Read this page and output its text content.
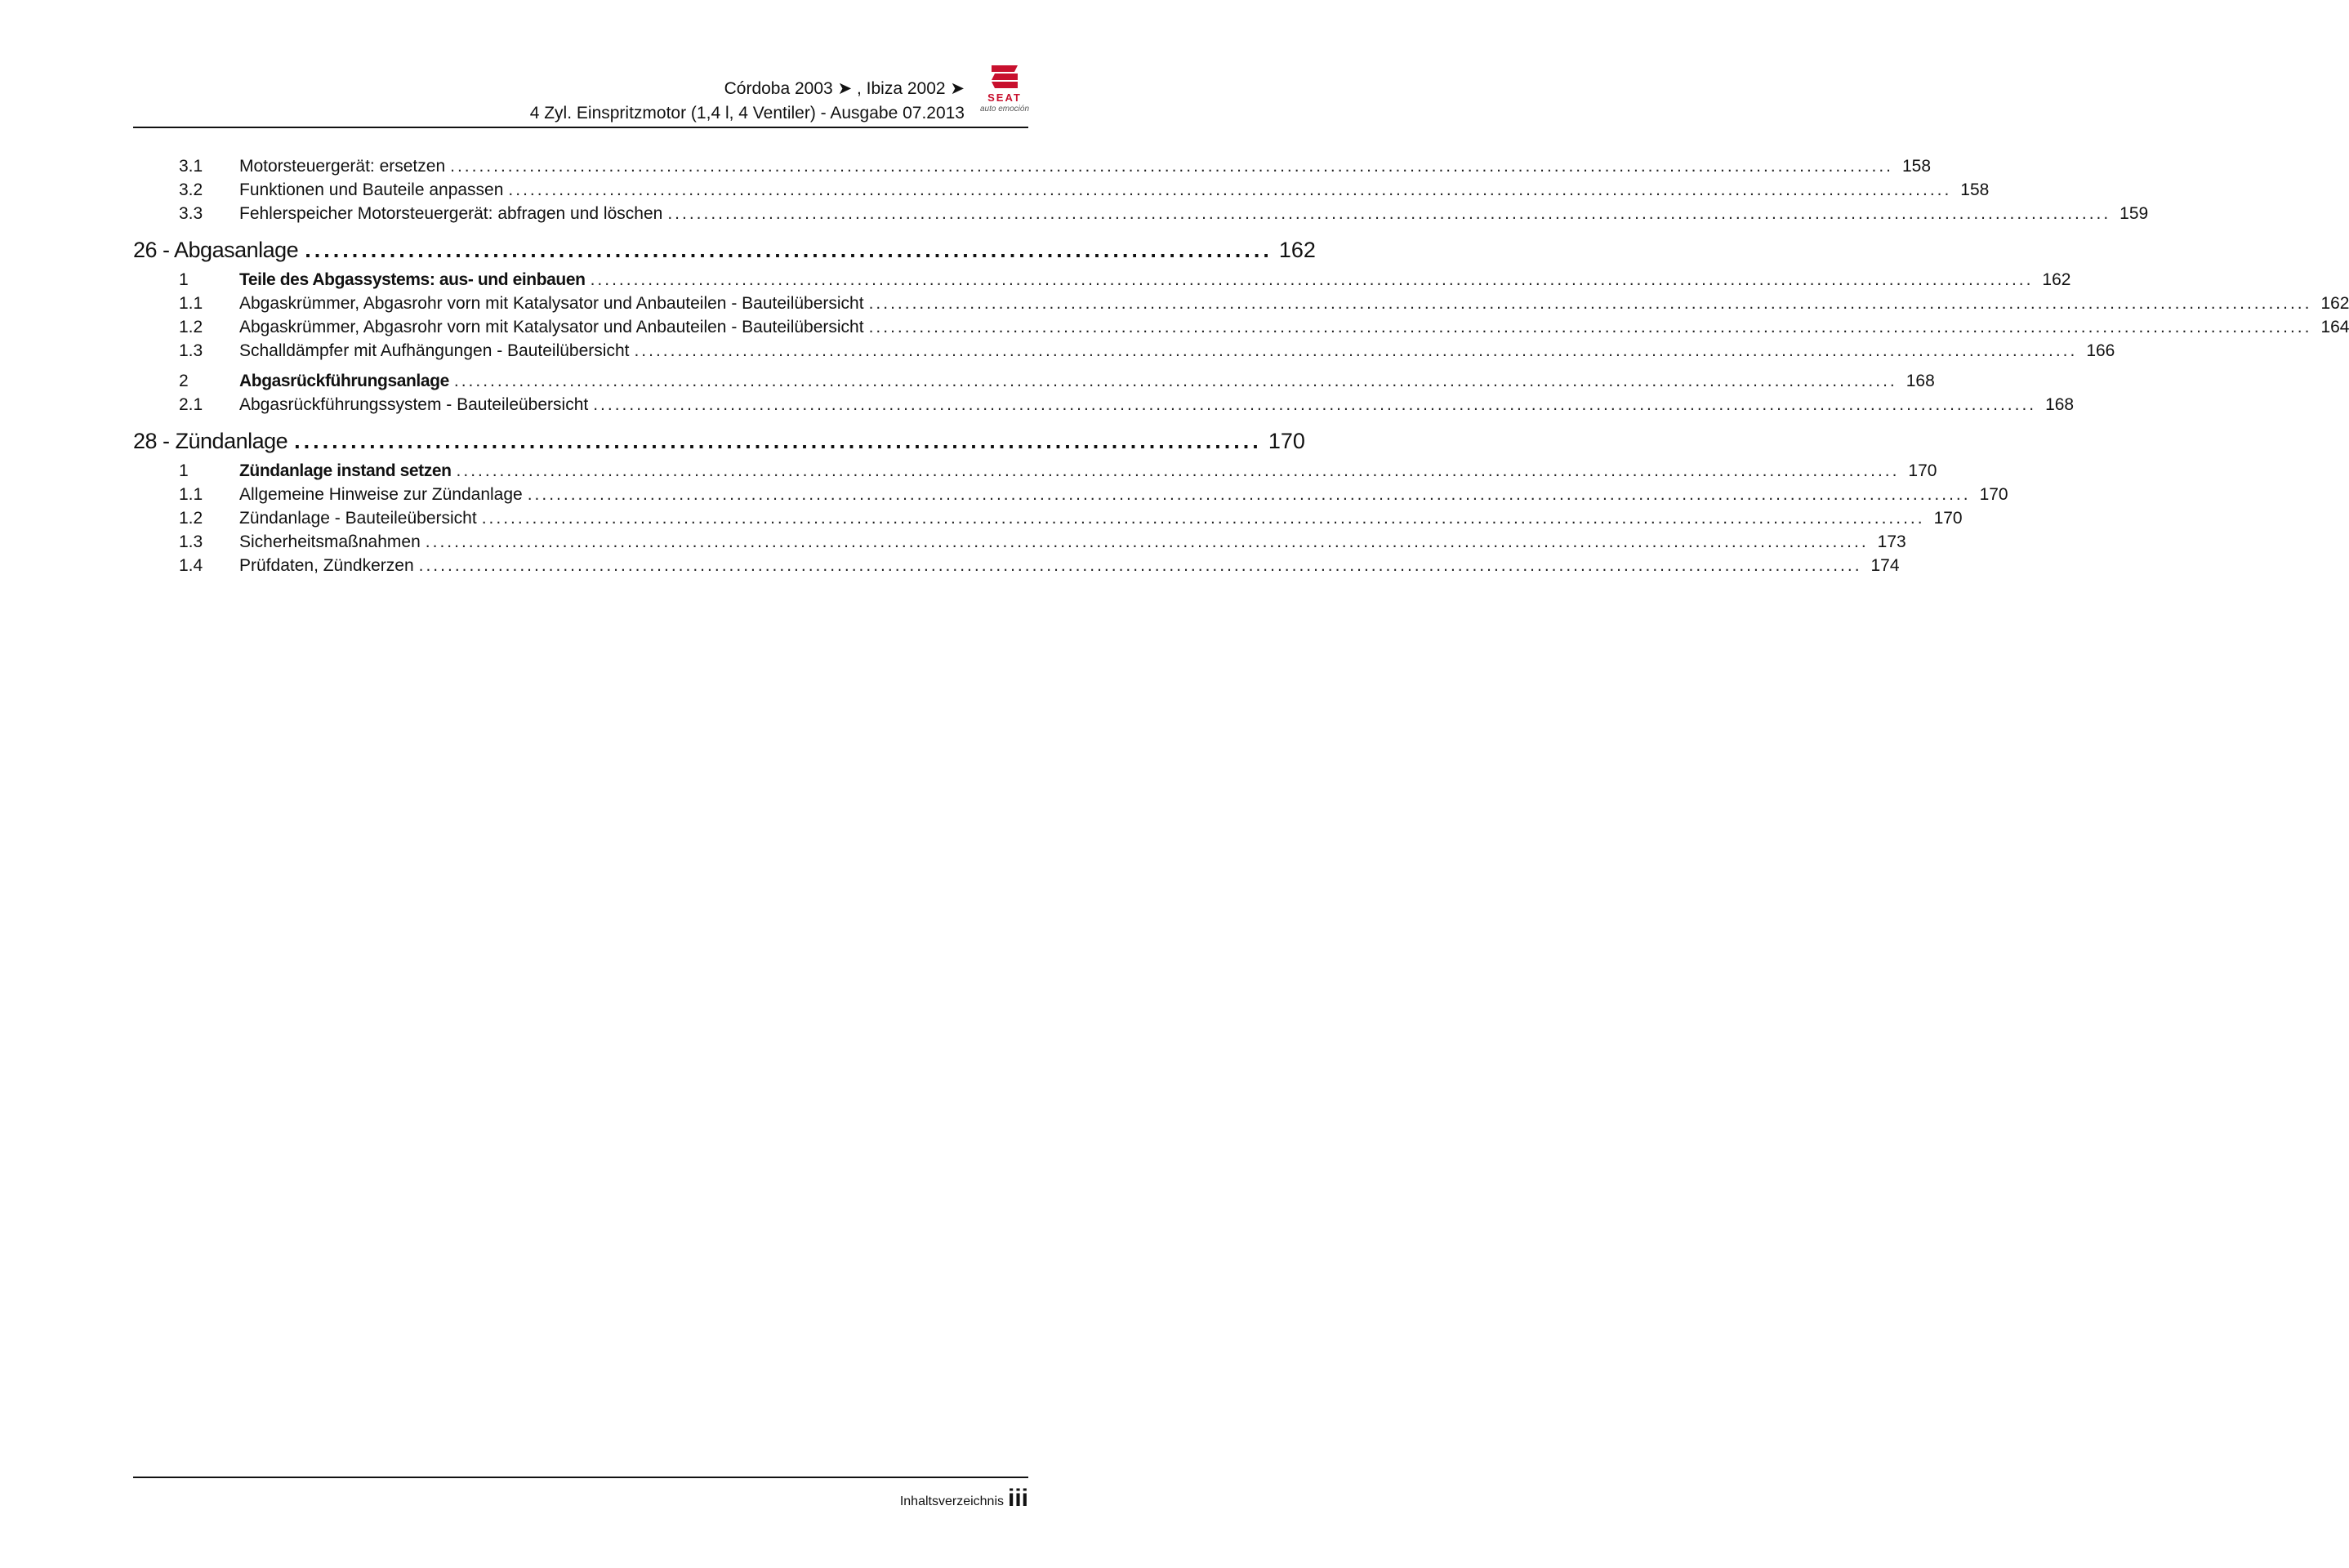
Córdoba 2003 ➤ , Ibiza 2002 ➤
4 Zyl. Einspritzmotor (1,4 l, 4 Ventiler) - Ausgabe 07.2013
SEAT
auto emoción
3.1	Motorsteuergerät: ersetzen ........................................................................................................................................................................................................ 158
3.2	Funktionen und Bauteile anpassen ........................................................................................................................................................................................................ 158
3.3	Fehlerspeicher Motorsteuergerät: abfragen und löschen ........................................................................................................................................................................................................ 159
26 - Abgasanlage ....................................................................................................... 162
1	Teile des Abgassystems: aus- und einbauen ........................................................................................................................................................................................................ 162
1.1	Abgaskrümmer, Abgasrohr vorn mit Katalysator und Anbauteilen - Bauteilübersicht ........................................................................................................................................................................................................ 162
1.2	Abgaskrümmer, Abgasrohr vorn mit Katalysator und Anbauteilen - Bauteilübersicht ........................................................................................................................................................................................................ 164
1.3	Schalldämpfer mit Aufhängungen - Bauteilübersicht ........................................................................................................................................................................................................ 166
2	Abgasrückführungsanlage ........................................................................................................................................................................................................ 168
2.1	Abgasrückführungssystem - Bauteileübersicht ........................................................................................................................................................................................................ 168
28 - Zündanlage ....................................................................................................... 170
1	Zündanlage instand setzen ........................................................................................................................................................................................................ 170
1.1	Allgemeine Hinweise zur Zündanlage ........................................................................................................................................................................................................ 170
1.2	Zündanlage - Bauteileübersicht ........................................................................................................................................................................................................ 170
1.3	Sicherheitsmaßnahmen ........................................................................................................................................................................................................ 173
1.4	Prüfdaten, Zündkerzen ........................................................................................................................................................................................................ 174
Inhaltsverzeichnis iii
